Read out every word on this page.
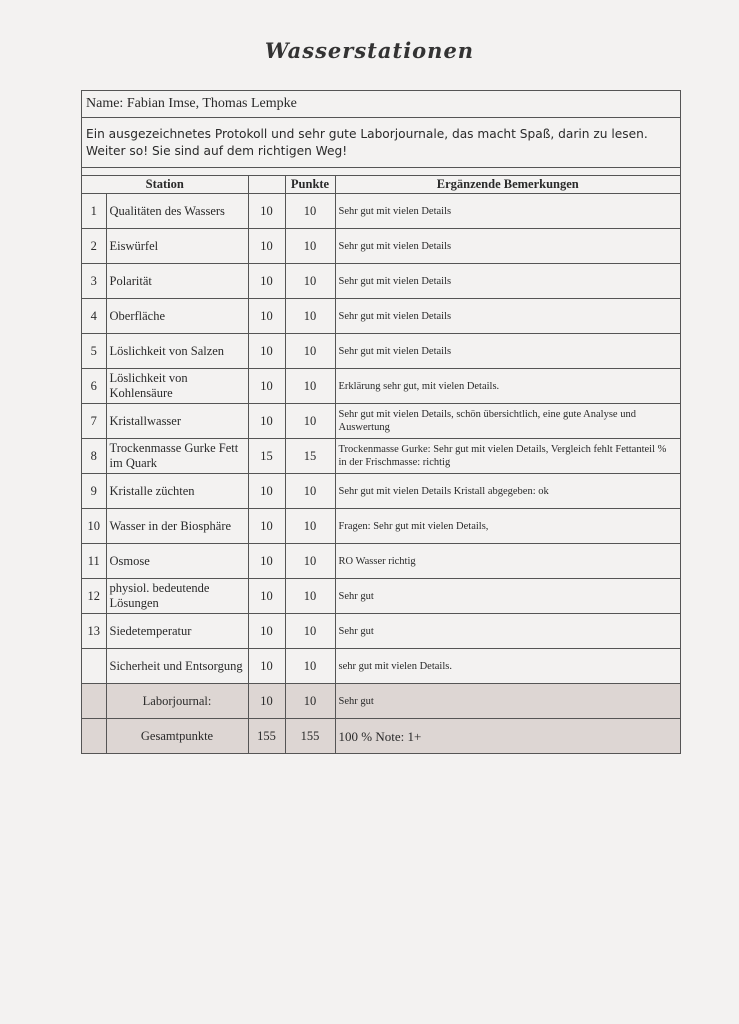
Wasserstationen
Name: Fabian Imse, Thomas Lempke
Ein ausgezeichnetes Protokoll und sehr gute Laborjournale, das macht Spaß, darin zu lesen. Weiter so! Sie sind auf dem richtigen Weg!
Station			Punkte	Ergänzende Bemerkungen
1	Qualitäten des Wassers	10	10	Sehr gut mit vielen Details
2	Eiswürfel	10	10	Sehr gut mit vielen Details
3	Polarität	10	10	Sehr gut mit vielen Details
4	Oberfläche	10	10	Sehr gut mit vielen Details
5	Löslichkeit von Salzen	10	10	Sehr gut mit vielen Details
6	Löslichkeit von Kohlensäure	10	10	Erklärung sehr gut, mit vielen Details.
7	Kristallwasser	10	10	Sehr gut mit vielen Details, schön übersichtlich, eine gute Analyse und Auswertung
8	Trockenmasse Gurke Fett im Quark	15	15	Trockenmasse Gurke: Sehr gut mit vielen Details, Vergleich fehlt Fettanteil % in der Frischmasse: richtig
9	Kristalle züchten	10	10	Sehr gut mit vielen Details Kristall abgegeben: ok
10	Wasser in der Biosphäre	10	10	Fragen: Sehr gut mit vielen Details,
11	Osmose	10	10	RO Wasser richtig
12	physiol. bedeutende Lösungen	10	10	Sehr gut
13	Siedetemperatur	10	10	Sehr gut
	Sicherheit und Entsorgung	10	10	sehr gut mit vielen Details.
	Laborjournal:	10	10	Sehr gut
	Gesamtpunkte	155	155	100 % Note: 1+
